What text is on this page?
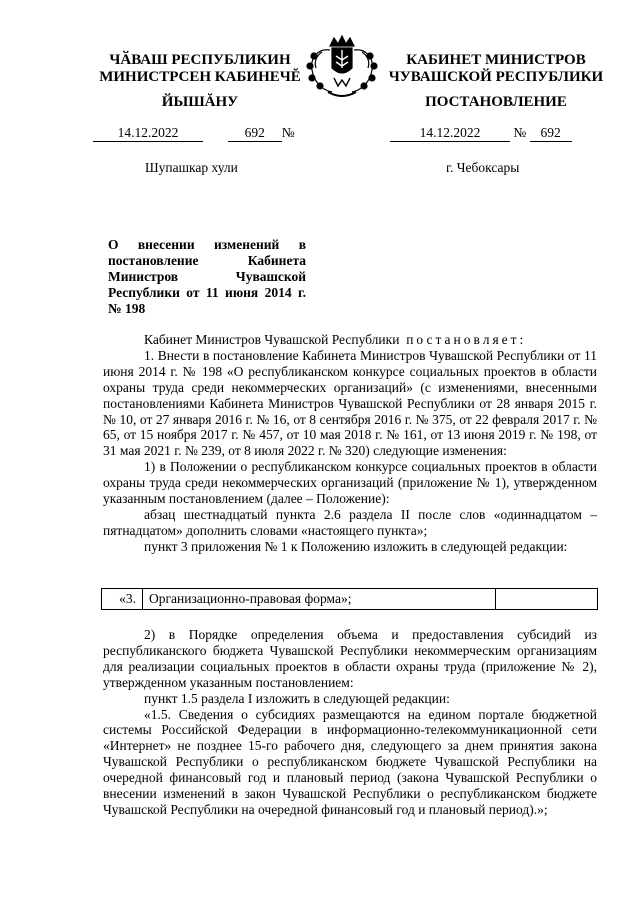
ЧӐВАШ РЕСПУБЛИКИН
МИНИСТРСЕН КАБИНЕЧĔ
ЙЫШĂНУ
КАБИНЕТ МИНИСТРОВ
ЧУВАШСКОЙ РЕСПУБЛИКИ
ПОСТАНОВЛЕНИЕ
14.12.2022	692 №	14.12.2022 № 692
Шупашкар хули	г. Чебоксары
О внесении изменений в постановление Кабинета Министров Чувашской Республики от 11 июня 2014 г. № 198

Кабинет Министров Чувашской Республики постановляет:

1. Внести в постановление Кабинета Министров Чувашской Республики от 11 июня 2014 г. № 198 «О республиканском конкурсе социальных проектов в области охраны труда среди некоммерческих организаций» (с изменениями, внесенными постановлениями Кабинета Министров Чувашской Республики от 28 января 2015 г. № 10, от 27 января 2016 г. № 16, от 8 сентября 2016 г. № 375, от 22 февраля 2017 г. № 65, от 15 ноября 2017 г. № 457, от 10 мая 2018 г. № 161, от 13 июня 2019 г. № 198, от 31 мая 2021 г. № 239, от 8 июля 2022 г. № 320) следующие изменения:

1) в Положении о республиканском конкурсе социальных проектов в области охраны труда среди некоммерческих организаций (приложение № 1), утвержденном указанным постановлением (далее – Положение):

абзац шестнадцатый пункта 2.6 раздела II после слов «одиннадцатом – пятнадцатом» дополнить словами «настоящего пункта»;

пункт 3 приложения № 1 к Положению изложить в следующей редакции:

«3.	Организационно-правовая форма»;	

2) в Порядке определения объема и предоставления субсидий из республиканского бюджета Чувашской Республики некоммерческим организациям для реализации социальных проектов в области охраны труда (приложение № 2), утвержденном указанным постановлением:

пункт 1.5 раздела I изложить в следующей редакции:

«1.5. Сведения о субсидиях размещаются на едином портале бюджетной системы Российской Федерации в информационно-телекоммуникационной сети «Интернет» не позднее 15-го рабочего дня, следующего за днем принятия закона Чувашской Республики о республиканском бюджете Чувашской Республики на очередной финансовый год и плановый период (закона Чувашской Республики о внесении изменений в закон Чувашской Республики о республиканском бюджете Чувашской Республики на очередной финансовый год и плановый период).»;
